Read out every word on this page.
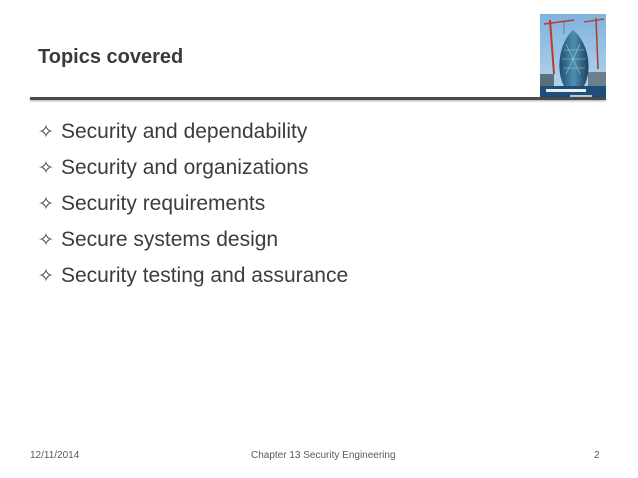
Topics covered
✧ Security and dependability
✧ Security and organizations
✧ Security requirements
✧ Secure systems design
✧ Security testing and assurance
12/11/2014	Chapter 13 Security Engineering	2
